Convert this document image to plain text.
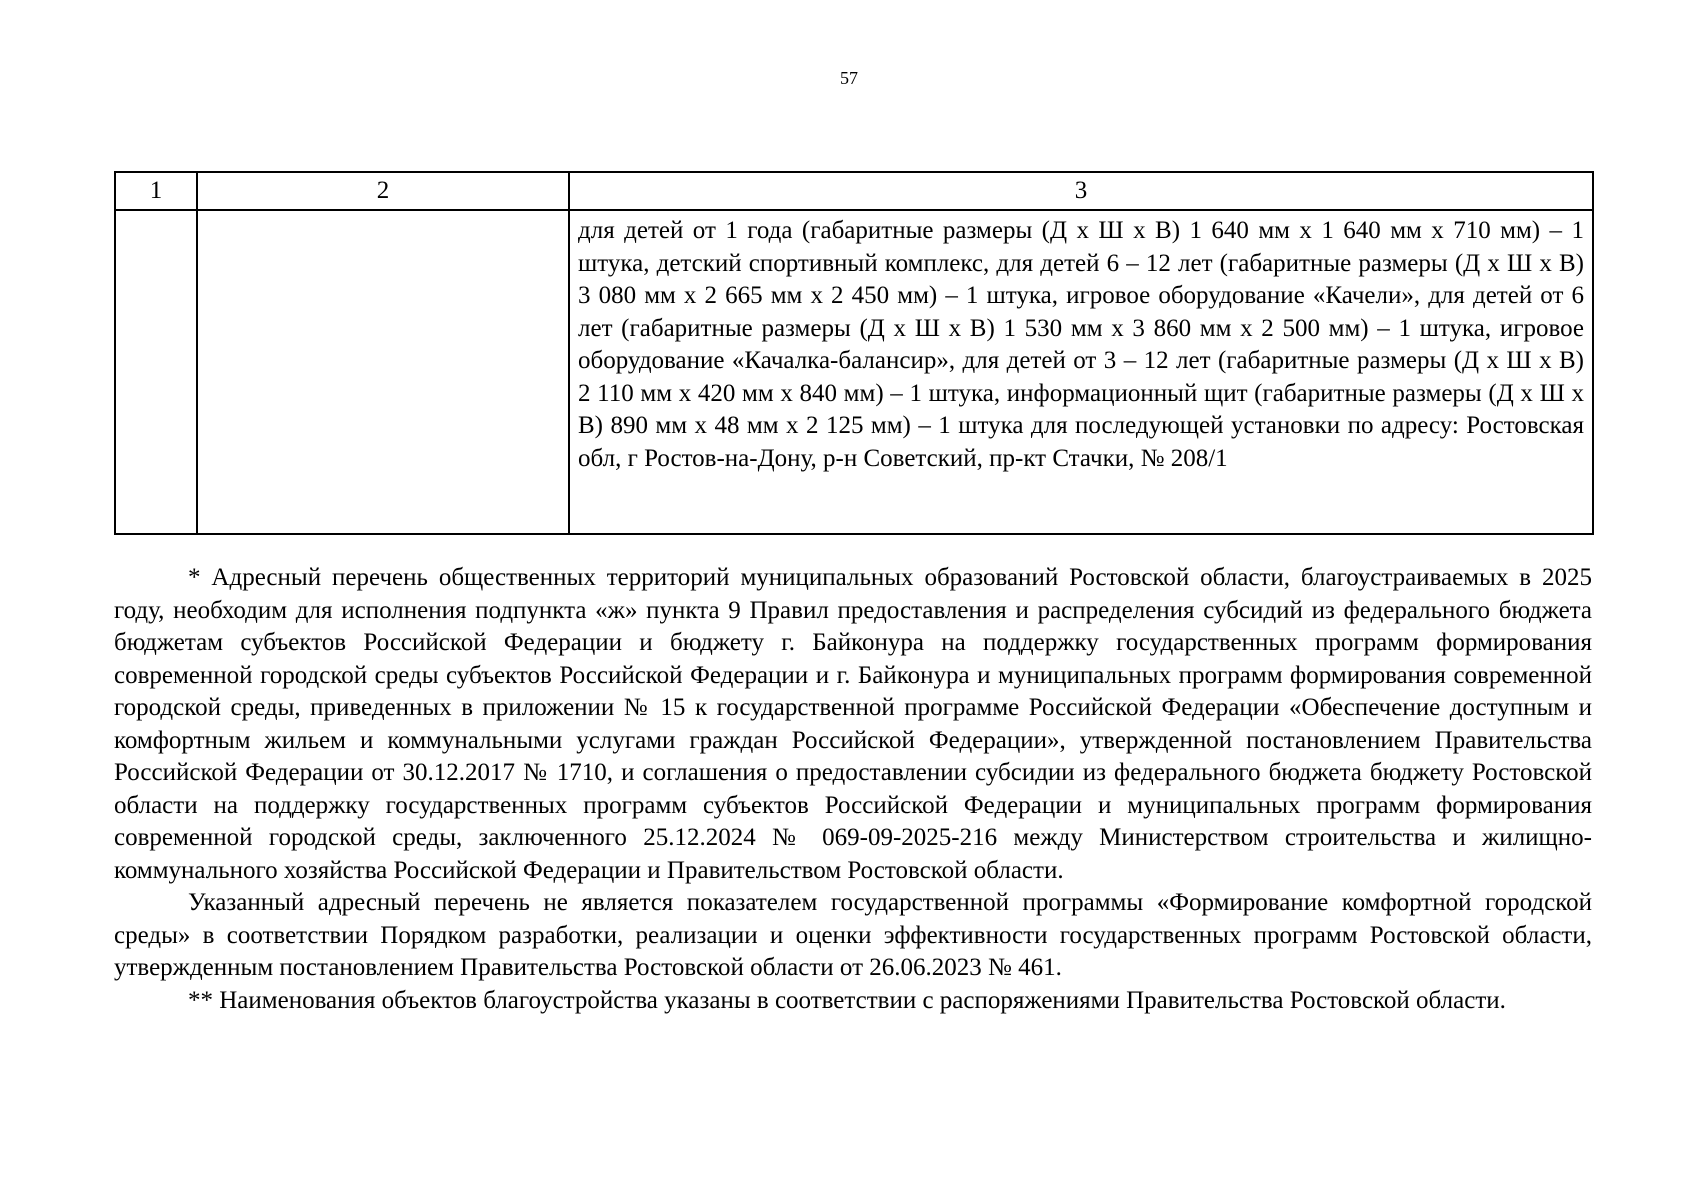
57
1	2	3
		для детей от 1 года (габаритные размеры (Д х Ш х В) 1 640 мм х 1 640 мм х 710 мм) – 1 штука, детский спортивный комплекс, для детей 6 – 12 лет (габаритные размеры (Д х Ш х В) 3 080 мм х 2 665 мм х 2 450 мм) – 1 штука, игровое оборудование «Качели», для детей от 6 лет (габаритные размеры (Д х Ш х В) 1 530 мм х 3 860 мм х 2 500 мм) – 1 штука, игровое оборудование «Качалка-балансир», для детей от 3 – 12 лет (габаритные размеры (Д х Ш х В) 2 110 мм х 420 мм х 840 мм) – 1 штука, информационный щит (габаритные размеры (Д х Ш х В) 890 мм х 48 мм х 2 125 мм) – 1 штука для последующей установки по адресу: Ростовская обл, г Ростов-на-Дону, р-н Советский, пр-кт Стачки, № 208/1

* Адресный перечень общественных территорий муниципальных образований Ростовской области, благоустраиваемых в 2025 году, необходим для исполнения подпункта «ж» пункта 9 Правил предоставления и распределения субсидий из федерального бюджета бюджетам субъектов Российской Федерации и бюджету г. Байконура на поддержку государственных программ формирования современной городской среды субъектов Российской Федерации и г. Байконура и муниципальных программ формирования современной городской среды, приведенных в приложении № 15 к государственной программе Российской Федерации «Обеспечение доступным и комфортным жильем и коммунальными услугами граждан Российской Федерации», утвержденной постановлением Правительства Российской Федерации от 30.12.2017 № 1710, и соглашения о предоставлении субсидии из федерального бюджета бюджету Ростовской области на поддержку государственных программ субъектов Российской Федерации и муниципальных программ формирования современной городской среды, заключенного 25.12.2024 № 069-09-2025-216 между Министерством строительства и жилищно-коммунального хозяйства Российской Федерации и Правительством Ростовской области.

Указанный адресный перечень не является показателем государственной программы «Формирование комфортной городской среды» в соответствии Порядком разработки, реализации и оценки эффективности государственных программ Ростовской области, утвержденным постановлением Правительства Ростовской области от 26.06.2023 № 461.

** Наименования объектов благоустройства указаны в соответствии с распоряжениями Правительства Ростовской области.
